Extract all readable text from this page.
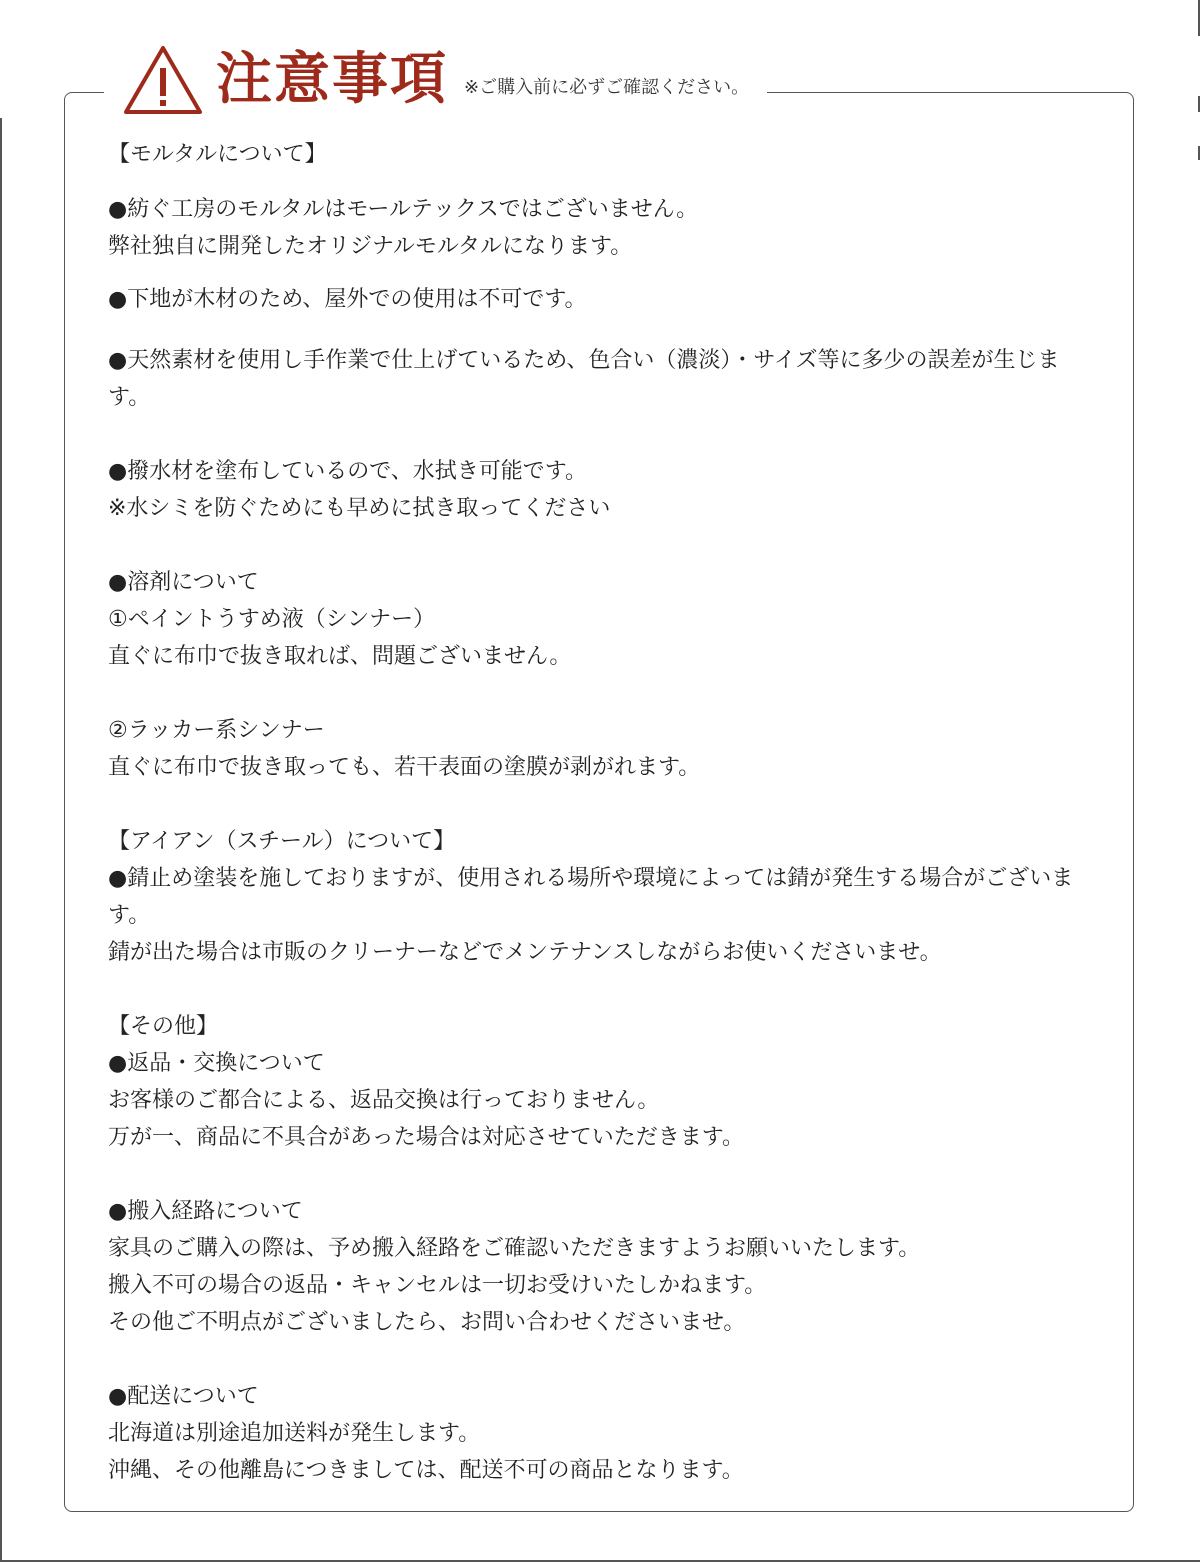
注意事項 ※ご購入前に必ずご確認ください。
【モルタルについて】
●紡ぐ工房のモルタルはモールテックスではございません。
弊社独自に開発したオリジナルモルタルになります。
●下地が木材のため、屋外での使用は不可です。
●天然素材を使用し手作業で仕上げているため、色合い（濃淡）・サイズ等に多少の誤差が生じます。
●撥水材を塗布しているので、水拭き可能です。
※水シミを防ぐためにも早めに拭き取ってください
●溶剤について
①ペイントうすめ液（シンナー）
直ぐに布巾で抜き取れば、問題ございません。
②ラッカー系シンナー
直ぐに布巾で抜き取っても、若干表面の塗膜が剥がれます。
【アイアン（スチール）について】
●錆止め塗装を施しておりますが、使用される場所や環境によっては錆が発生する場合がございます。
錆が出た場合は市販のクリーナーなどでメンテナンスしながらお使いくださいませ。
【その他】
●返品・交換について
お客様のご都合による、返品交換は行っておりません。
万が一、商品に不具合があった場合は対応させていただきます。
●搬入経路について
家具のご購入の際は、予め搬入経路をご確認いただきますようお願いいたします。
搬入不可の場合の返品・キャンセルは一切お受けいたしかねます。
その他ご不明点がございましたら、お問い合わせくださいませ。
●配送について
北海道は別途追加送料が発生します。
沖縄、その他離島につきましては、配送不可の商品となります。
